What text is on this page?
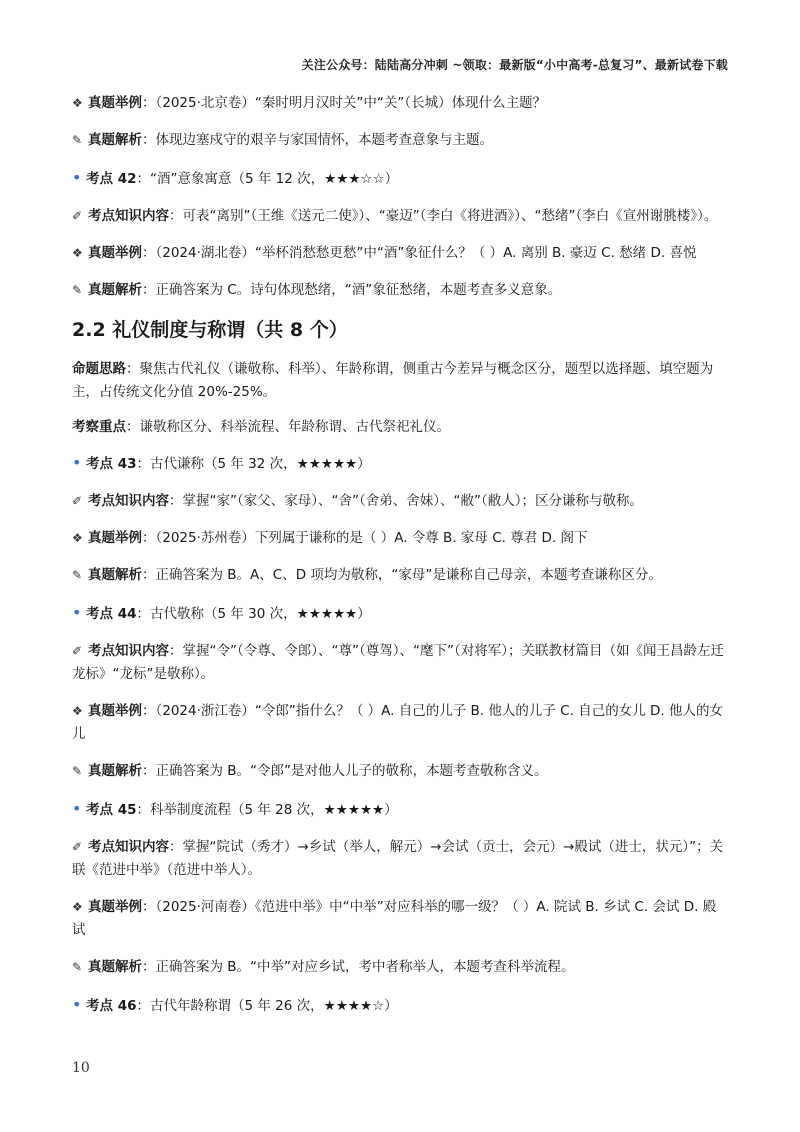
关注公众号：陆陆高分冲刺 ~领取：最新版“小中高考-总复习”、最新试卷下载
❖ 真题举例：（2025·北京卷）“秦时明月汉时关”中“关”（长城）体现什么主题？
✎ 真题解析：体现边塞戍守的艰辛与家国情怀，本题考查意象与主题。
• 考点 42：“酒”意象寓意（5 年 12 次，★★★☆☆）
✐ 考点知识内容：可表“离别”（王维《送元二使》）、“豪迈”（李白《将进酒》）、“愁绪”（李白《宣州谢朓楼》）。
❖ 真题举例：（2024·湖北卷）“举杯消愁愁更愁”中“酒”象征什么？（ ）A. 离别 B. 豪迈 C. 愁绪 D. 喜悦
✎ 真题解析：正确答案为 C。诗句体现愁绪，“酒”象征愁绪，本题考查多义意象。
2.2 礼仪制度与称谓（共 8 个）
命题思路：聚焦古代礼仪（谦敬称、科举）、年龄称谓，侧重古今差异与概念区分，题型以选择题、填空题为主，占传统文化分值 20%-25%。
考察重点：谦敬称区分、科举流程、年龄称谓、古代祭祀礼仪。
• 考点 43：古代谦称（5 年 32 次，★★★★★）
✐ 考点知识内容：掌握“家”（家父、家母）、“舍”（舍弟、舍妹）、“敝”（敝人）；区分谦称与敬称。
❖ 真题举例：（2025·苏州卷）下列属于谦称的是（ ）A. 令尊 B. 家母 C. 尊君 D. 阁下
✎ 真题解析：正确答案为 B。A、C、D 项均为敬称，“家母”是谦称自己母亲，本题考查谦称区分。
• 考点 44：古代敬称（5 年 30 次，★★★★★）
✐ 考点知识内容：掌握“令”（令尊、令郎）、“尊”（尊驾）、“麾下”（对将军）；关联教材篇目（如《闻王昌龄左迁龙标》“龙标”是敬称）。
❖ 真题举例：（2024·浙江卷）“令郎”指什么？（ ）A. 自己的儿子 B. 他人的儿子 C. 自己的女儿 D. 他人的女儿
✎ 真题解析：正确答案为 B。“令郎”是对他人儿子的敬称，本题考查敬称含义。
• 考点 45：科举制度流程（5 年 28 次，★★★★★）
✐ 考点知识内容：掌握“院试（秀才）→乡试（举人，解元）→会试（贡士，会元）→殿试（进士，状元）”；关联《范进中举》（范进中举人）。
❖ 真题举例：（2025·河南卷）《范进中举》中“中举”对应科举的哪一级？（ ）A. 院试 B. 乡试 C. 会试 D. 殿试
✎ 真题解析：正确答案为 B。“中举”对应乡试，考中者称举人，本题考查科举流程。
• 考点 46：古代年龄称谓（5 年 26 次，★★★★☆）
10
